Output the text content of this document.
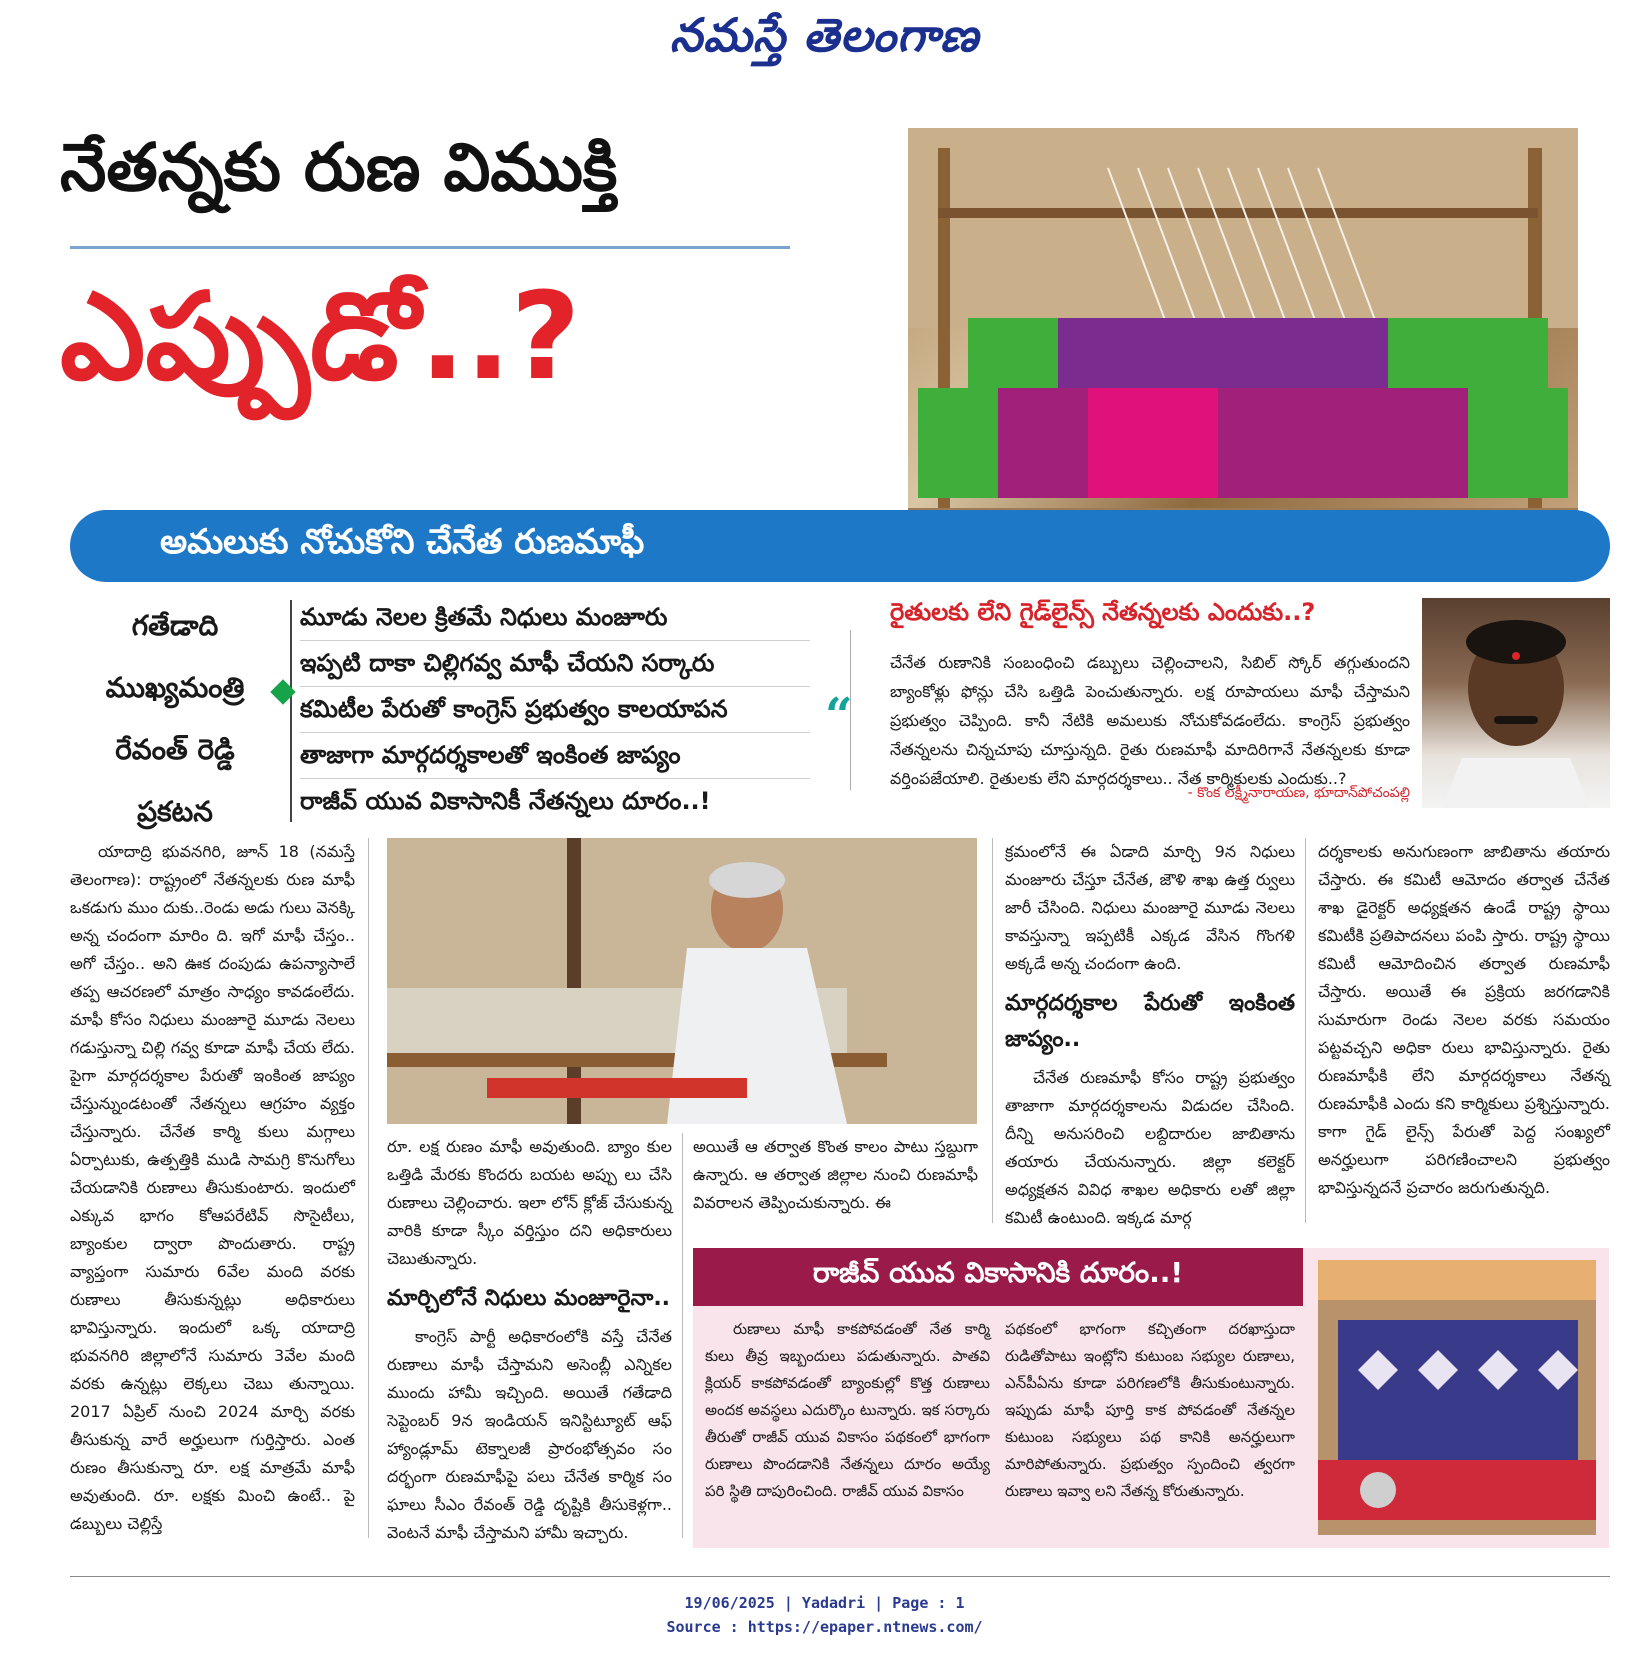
నమస్తే తెలంగాణ
నేతన్నకు రుణ విముక్తి
ఎప్పుడో..?
అమలుకు నోచుకోని చేనేత రుణమాఫీ
గతేడాది
ముఖ్యమంత్రి
రేవంత్ రెడ్డి
ప్రకటన
మూడు నెలల క్రితమే నిధులు మంజూరు
ఇప్పటి దాకా చిల్లిగవ్వ మాఫీ చేయని సర్కారు
కమిటీల పేరుతో కాంగ్రెస్ ప్రభుత్వం కాలయాపన
తాజాగా మార్గదర్శకాలతో ఇంకింత జాప్యం
రాజీవ్ యువ వికాసానికీ నేతన్నలు దూరం..!
“
రైతులకు లేని గైడ్‌లైన్స్ నేతన్నలకు ఎందుకు..?
చేనేత రుణానికి సంబంధించి డబ్బులు చెల్లించాలని, సిబిల్ స్కోర్ తగ్గుతుందని బ్యాంకోళ్లు ఫోన్లు చేసి ఒత్తిడి పెంచుతున్నారు. లక్ష రూపాయలు మాఫీ చేస్తామని ప్రభుత్వం చెప్పింది. కానీ నేటికి అమలుకు నోచుకోవడంలేదు. కాంగ్రెస్ ప్రభుత్వం నేతన్నలను చిన్నచూపు చూస్తున్నది. రైతు రుణమాఫీ మాదిరిగానే నేతన్నలకు కూడా వర్తింపజేయాలి. రైతులకు లేని మార్గదర్శకాలు.. నేత కార్మికులకు ఎందుకు..?
- కొంక లక్ష్మీనారాయణ, భూదాన్‌పోచంపల్లి

యాదాద్రి భువనగిరి, జూన్ 18 (నమస్తే తెలంగాణ): రాష్ట్రంలో నేతన్నలకు రుణ మాఫీ ఒకడుగు ముం దుకు..రెండు అడు గులు వెనక్కి అన్న చందంగా మారిం ది. ఇగో మాఫీ చేస్తం.. అగో చేస్తం.. అని ఊక దంపుడు ఉపన్యాసాలే తప్ప ఆచరణలో మాత్రం సాధ్యం కావడంలేదు. మాఫీ కోసం నిధులు మంజూరై మూడు నెలలు గడుస్తున్నా చిల్లి గవ్వ కూడా మాఫీ చేయ లేదు. పైగా మార్గదర్శకాల పేరుతో ఇంకింత జాప్యం చేస్తున్నుండటంతో నేతన్నలు ఆగ్రహం వ్యక్తం చేస్తున్నారు. చేనేత కార్మి కులు మగ్గాలు ఏర్పాటుకు, ఉత్పత్తికి ముడి సామగ్రి కొనుగోలు చేయడానికి రుణాలు తీసుకుంటారు. ఇందులో ఎక్కువ భాగం కోఆపరేటివ్ సొసైటీలు, బ్యాంకుల ద్వారా పొందుతారు. రాష్ట్ర వ్యాప్తంగా సుమారు 6వేల మంది వరకు రుణాలు తీసుకున్నట్లు అధికారులు భావిస్తున్నారు. ఇందులో ఒక్క యాదాద్రి భువనగిరి జిల్లాలోనే సుమారు 3వేల మంది వరకు ఉన్నట్లు లెక్కలు చెబు తున్నాయి. 2017 ఏప్రిల్ నుంచి 2024 మార్చి వరకు తీసుకున్న వారే అర్హులుగా గుర్తిస్తారు. ఎంత రుణం తీసుకున్నా రూ. లక్ష మాత్రమే మాఫీ అవుతుంది. రూ. లక్షకు మించి ఉంటే.. పై డబ్బులు చెల్లిస్తే

రూ. లక్ష రుణం మాఫీ అవుతుంది. బ్యాం కుల ఒత్తిడి మేరకు కొందరు బయట అప్పు లు చేసి రుణాలు చెల్లించారు. ఇలా లోన్ క్లోజ్ చేసుకున్న వారికి కూడా స్కీం వర్తిస్తుం దని అధికారులు చెబుతున్నారు.

మార్చిలోనే నిధులు మంజూరైనా..

కాంగ్రెస్ పార్టీ అధికారంలోకి వస్తే చేనేత రుణాలు మాఫీ చేస్తామని అసెంబ్లీ ఎన్నికల ముందు హామీ ఇచ్చింది. అయితే గతేడాది సెప్టెంబర్ 9న ఇండియన్ ఇనిస్టిట్యూట్ ఆఫ్ హ్యాండ్లూమ్ టెక్నాలజీ ప్రారంభోత్సవం సం దర్భంగా రుణమాఫీపై పలు చేనేత కార్మిక సం ఘాలు సీఎం రేవంత్ రెడ్డి దృష్టికి తీసుకెళ్లగా.. వెంటనే మాఫీ చేస్తామని హామీ ఇచ్చారు.

అయితే ఆ తర్వాత కొంత కాలం పాటు స్తబ్దుగా ఉన్నారు. ఆ తర్వాత జిల్లాల నుంచి రుణమాఫీ వివరాలన తెప్పించుకున్నారు. ఈ

క్రమంలోనే ఈ ఏడాది మార్చి 9న నిధులు మంజూరు చేస్తూ చేనేత, జౌళి శాఖ ఉత్త ర్వులు జారీ చేసింది. నిధులు మంజూరై మూడు నెలలు కావస్తున్నా ఇప్పటికీ ఎక్కడ వేసిన గొంగళి అక్కడే అన్న చందంగా ఉంది.

మార్గదర్శకాల పేరుతో ఇంకింత జాప్యం..

చేనేత రుణమాఫీ కోసం రాష్ట్ర ప్రభుత్వం తాజాగా మార్గదర్శకాలను విడుదల చేసింది. దీన్ని అనుసరించి లబ్దిదారుల జాబితాను తయారు చేయనున్నారు. జిల్లా కలెక్టర్ అధ్యక్షతన వివిధ శాఖల అధికారు లతో జిల్లా కమిటీ ఉంటుంది. ఇక్కడ మార్గ

దర్శకాలకు అనుగుణంగా జాబితాను తయారు చేస్తారు. ఈ కమిటీ ఆమోదం తర్వాత చేనేత శాఖ డైరెక్టర్ అధ్యక్షతన ఉండే రాష్ట్ర స్థాయి కమిటీకి ప్రతిపాదనలు పంపి స్తారు. రాష్ట్ర స్థాయి కమిటీ ఆమోదించిన తర్వాత రుణమాఫీ చేస్తారు. అయితే ఈ ప్రక్రియ జరగడానికి సుమారుగా రెండు నెలల వరకు సమయం పట్టవచ్చని అధికా రులు భావిస్తున్నారు. రైతు రుణమాఫీకి లేని మార్గదర్శకాలు నేతన్న రుణమాఫీకి ఎందు కని కార్మికులు ప్రశ్నిస్తున్నారు. కాగా గైడ్ లైన్స్ పేరుతో పెద్ద సంఖ్యలో అనర్హులుగా పరిగణించాలని ప్రభుత్వం భావిస్తున్నదనే ప్రచారం జరుగుతున్నది.

రాజీవ్ యువ వికాసానికి దూరం..!

రుణాలు మాఫీ కాకపోవడంతో నేత కార్మి కులు తీవ్ర ఇబ్బందులు పడుతున్నారు. పాతవి క్లియర్ కాకపోవడంతో బ్యాంకుల్లో కొత్త రుణాలు అందక అవస్థలు ఎదుర్కొం టున్నారు. ఇక సర్కారు తీరుతో రాజీవ్ యువ వికాసం పథకంలో భాగంగా రుణాలు పొందడానికి నేతన్నలు దూరం అయ్యే పరి స్థితి దాపురించింది. రాజీవ్ యువ వికాసం

పథకంలో భాగంగా కచ్చితంగా దరఖాస్తుదా రుడితోపాటు ఇంట్లోని కుటుంబ సభ్యుల రుణాలు, ఎన్‌పీఏను కూడా పరిగణలోకి తీసుకుంటున్నారు. ఇప్పుడు మాఫీ పూర్తి కాక పోవడంతో నేతన్నల కుటుంబ సభ్యులు పథ కానికి అనర్హులుగా మారిపోతున్నారు. ప్రభుత్వం స్పందించి త్వరగా రుణాలు ఇవ్వా లని నేతన్న కోరుతున్నారు.

19/06/2025 | Yadadri | Page : 1
Source : https://epaper.ntnews.com/
